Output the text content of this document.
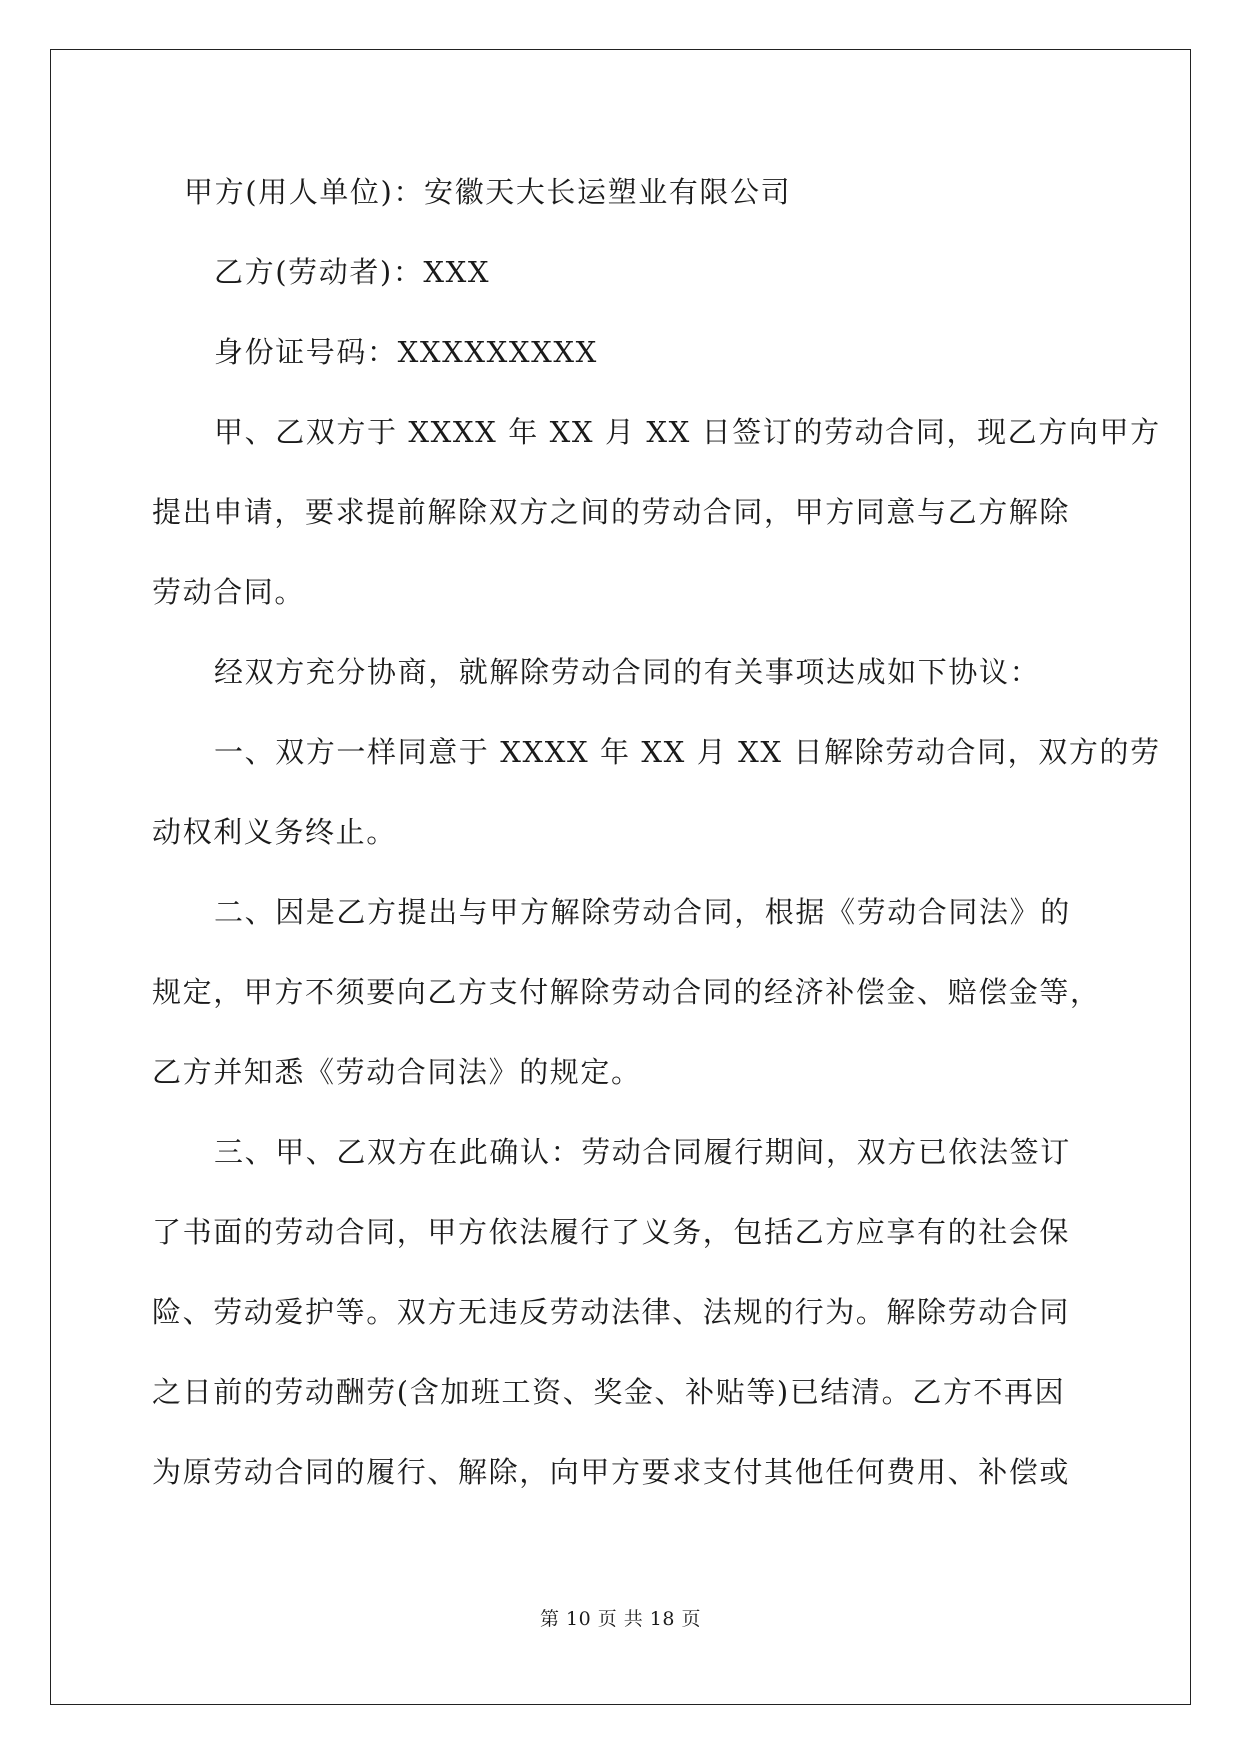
甲方(用人单位)：安徽天大长运塑业有限公司
乙方(劳动者)：XXX
身份证号码：XXXXXXXXX
甲、乙双方于 XXXX 年 XX 月 XX 日签订的劳动合同，现乙方向甲方
提出申请，要求提前解除双方之间的劳动合同，甲方同意与乙方解除
劳动合同。
经双方充分协商，就解除劳动合同的有关事项达成如下协议：
一、双方一样同意于 XXXX 年 XX 月 XX 日解除劳动合同，双方的劳
动权利义务终止。
二、因是乙方提出与甲方解除劳动合同，根据《劳动合同法》的
规定，甲方不须要向乙方支付解除劳动合同的经济补偿金、赔偿金等，
乙方并知悉《劳动合同法》的规定。
三、甲、乙双方在此确认：劳动合同履行期间，双方已依法签订
了书面的劳动合同，甲方依法履行了义务，包括乙方应享有的社会保
险、劳动爱护等。双方无违反劳动法律、法规的行为。解除劳动合同
之日前的劳动酬劳(含加班工资、奖金、补贴等)已结清。乙方不再因
为原劳动合同的履行、解除，向甲方要求支付其他任何费用、补偿或
第 10 页 共 18 页
